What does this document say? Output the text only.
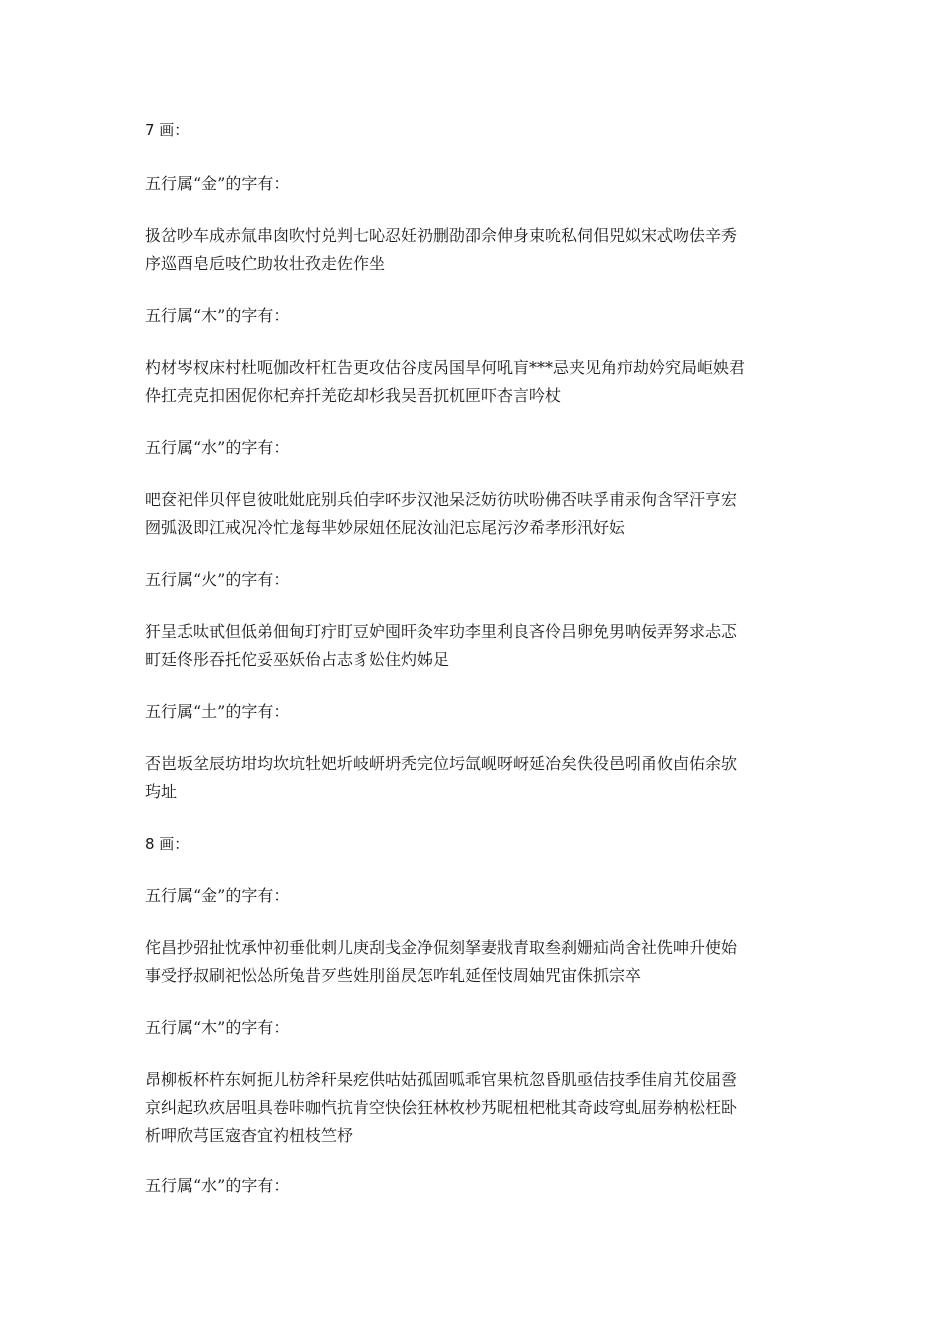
7 画：
五行属“金”的字有：
扱岔吵车成赤氚串囱吹忖兑判七吣忍妊礽删劭卲佘伸身束吮私伺佀兕姒宋忒吻佉辛秀
序巡酉皂卮吱伫助妆壮孜走佐作坐
五行属“木”的字有：
杓材岑杈床村杜呃伽改杆杠告更攻估谷庋呙国旱何吼肓***忌夹见角疖劫妗究局岠姎君
伜扛壳克扣困伲你杞弃扦羌矻却杉我吴吾扤杌匣吓杏言吟杖
五行属“水”的字有：
吧奁祀伴贝伻皀彼吡妣庇别兵伯孛吥步汉池呆泛妨彷吠吩佛否呋孚甫汞佝含罕汗亨宏
囫弧汲即江戒况冷忙尨每芈妙尿妞伾屁汝汕汜忘尾污汐希孝形汛好妘
五行属“火”的字有：
犴呈忎呔甙但低弟佃甸玎疔盯豆妒囤旰灸牢玏李里利良吝伶吕卵免男呐佞弄努求忐忑
町廷佟彤吞托佗妥巫妖佁占志豸妐住灼姊足
五行属“土”的字有：
否岜坂坌辰坊坩均坎坑牡妑圻岐岍坍秃完位圬氙岘呀岈延冶矣佚役邑吲甬攸卣佑余欤
玙址
8 画：
五行属“金”的字有：
侘昌抄弨扯忱承忡初垂仳刺儿庚刮戋金净侃刻拏妻戕青取叁刹姗疝尚舍社侁呻升使始
事受抒叔刷祀忪怂所兔昔歹些姓刖甾昃怎咋轧延侄忮周妯咒宙侏抓宗卒
五行属“木”的字有：
昂柳板杯杵东妸扼儿枋斧秆杲疙供咕姑孤固呱乖官果杭忽昏肌亟佶技季佳肩艽佼届巹
京纠起玖疚居咀具卷咔咖忾抗肯空快侩狂林枚杪艿昵杻杷枇其奇歧穹虬屈券枘松枉卧
析呷欣芎匡宼杳宜礿杻枝竺杼
五行属“水”的字有：
